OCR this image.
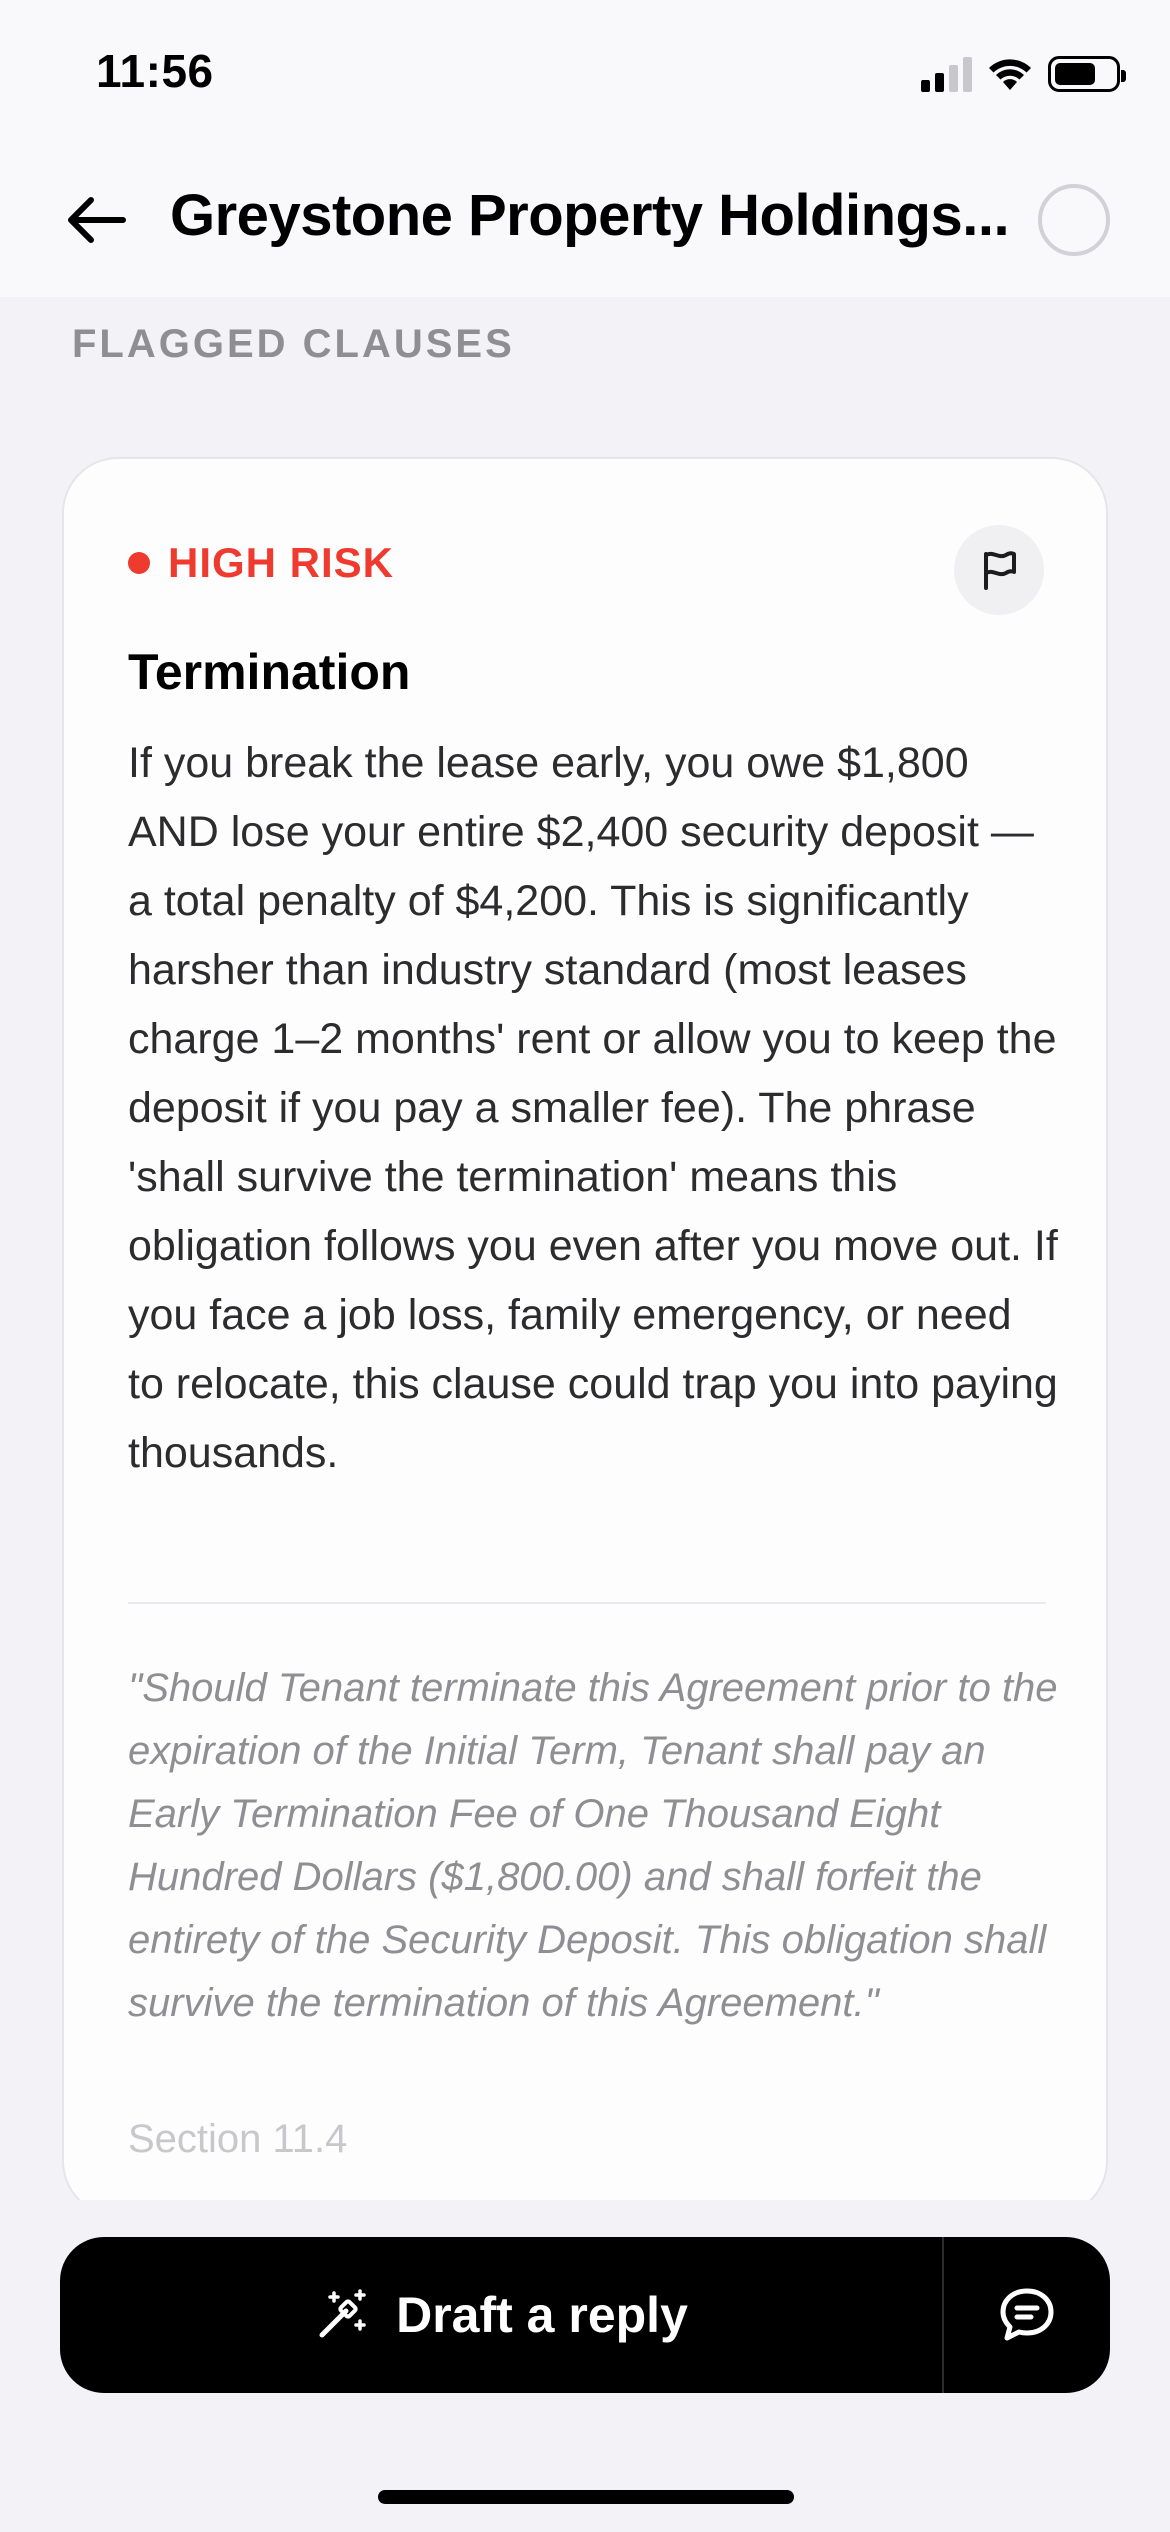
11:56
Greystone Property Holdings...
FLAGGED CLAUSES
HIGH RISK
Termination
If you break the lease early, you owe $1,800 AND lose your entire $2,400 security deposit — a total penalty of $4,200. This is significantly harsher than industry standard (most leases charge 1–2 months' rent or allow you to keep the deposit if you pay a smaller fee). The phrase 'shall survive the termination' means this obligation follows you even after you move out. If you face a job loss, family emergency, or need to relocate, this clause could trap you into paying thousands.
"Should Tenant terminate this Agreement prior to the expiration of the Initial Term, Tenant shall pay an Early Termination Fee of One Thousand Eight Hundred Dollars ($1,800.00) and shall forfeit the entirety of the Security Deposit. This obligation shall survive the termination of this Agreement."
Section 11.4
Draft a reply
